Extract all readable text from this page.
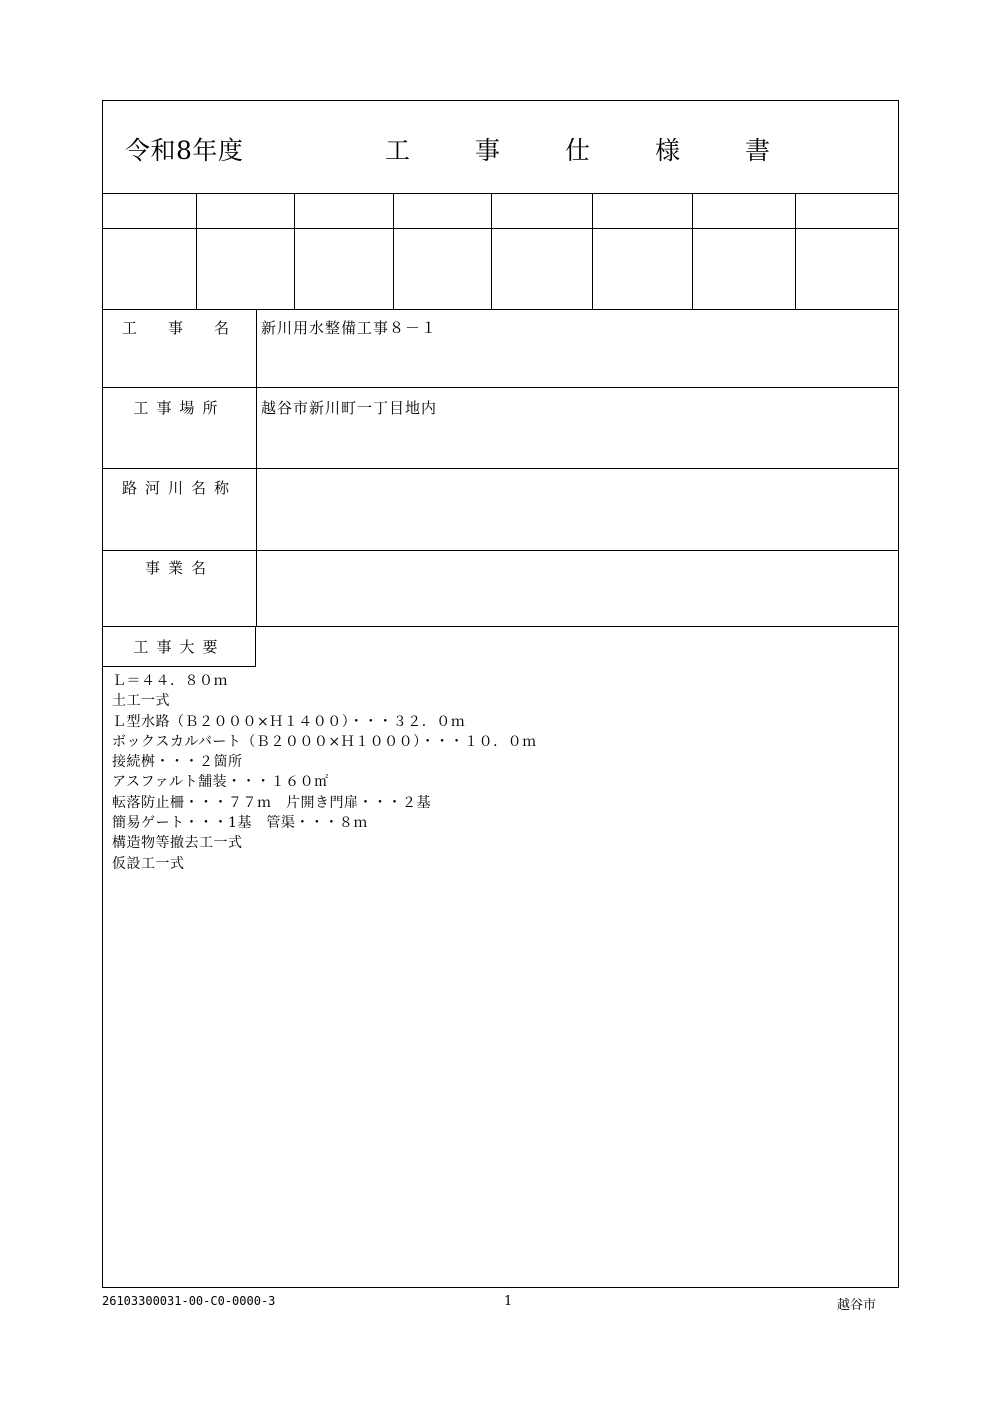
令和8年度	工　事　仕　様　書
工　事　名	新川用水整備工事８－１
工事場所	越谷市新川町一丁目地内
路河川名称
事業名
工事大要
Ｌ＝４４．８０ｍ
土工一式
Ｌ型水路（Ｂ２０００×Ｈ１４００）・・・３２．０ｍ
ボックスカルバート（Ｂ２０００×Ｈ１０００）・・・１０．０ｍ
接続桝・・・２箇所
アスファルト舗装・・・１６０㎡
転落防止柵・・・７７ｍ　片開き門扉・・・２基
簡易ゲート・・・1基　管渠・・・８ｍ
構造物等撤去工一式
仮設工一式
26103300031-00-C0-0000-3	1	越谷市
